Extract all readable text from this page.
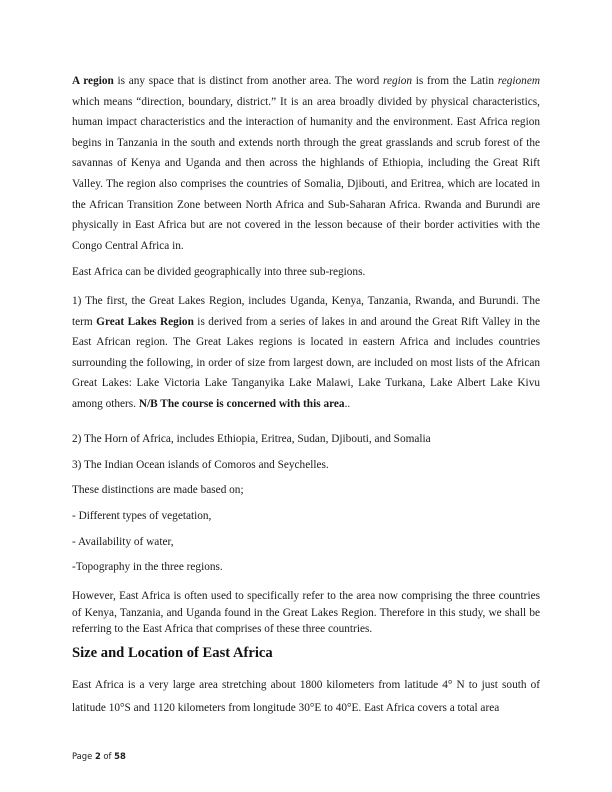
A region is any space that is distinct from another area. The word region is from the Latin regionem which means “direction, boundary, district.” It is an area broadly divided by physical characteristics, human impact characteristics and the interaction of humanity and the environment. East Africa region begins in Tanzania in the south and extends north through the great grasslands and scrub forest of the savannas of Kenya and Uganda and then across the highlands of Ethiopia, including the Great Rift Valley. The region also comprises the countries of Somalia, Djibouti, and Eritrea, which are located in the African Transition Zone between North Africa and Sub-Saharan Africa. Rwanda and Burundi are physically in East Africa but are not covered in the lesson because of their border activities with the Congo Central Africa in.
East Africa can be divided geographically into three sub-regions.
1) The first, the Great Lakes Region, includes Uganda, Kenya, Tanzania, Rwanda, and Burundi. The term Great Lakes Region is derived from a series of lakes in and around the Great Rift Valley in the East African region. The Great Lakes regions is located in eastern Africa and includes countries surrounding the following, in order of size from largest down, are included on most lists of the African Great Lakes: Lake Victoria Lake Tanganyika Lake Malawi, Lake Turkana, Lake Albert Lake Kivu among others. N/B The course is concerned with this area..
2) The Horn of Africa, includes Ethiopia, Eritrea, Sudan, Djibouti, and Somalia
3) The Indian Ocean islands of Comoros and Seychelles.
These distinctions are made based on;
- Different types of vegetation,
- Availability of water,
-Topography in the three regions.
However, East Africa is often used to specifically refer to the area now comprising the three countries of Kenya, Tanzania, and Uganda found in the Great Lakes Region. Therefore in this study, we shall be referring to the East Africa that comprises of these three countries.
Size and Location of East Africa
East Africa is a very large area stretching about 1800 kilometers from latitude 4° N to just south of latitude 10°S and 1120 kilometers from longitude 30°E to 40°E. East Africa covers a total area
Page 2 of 58
